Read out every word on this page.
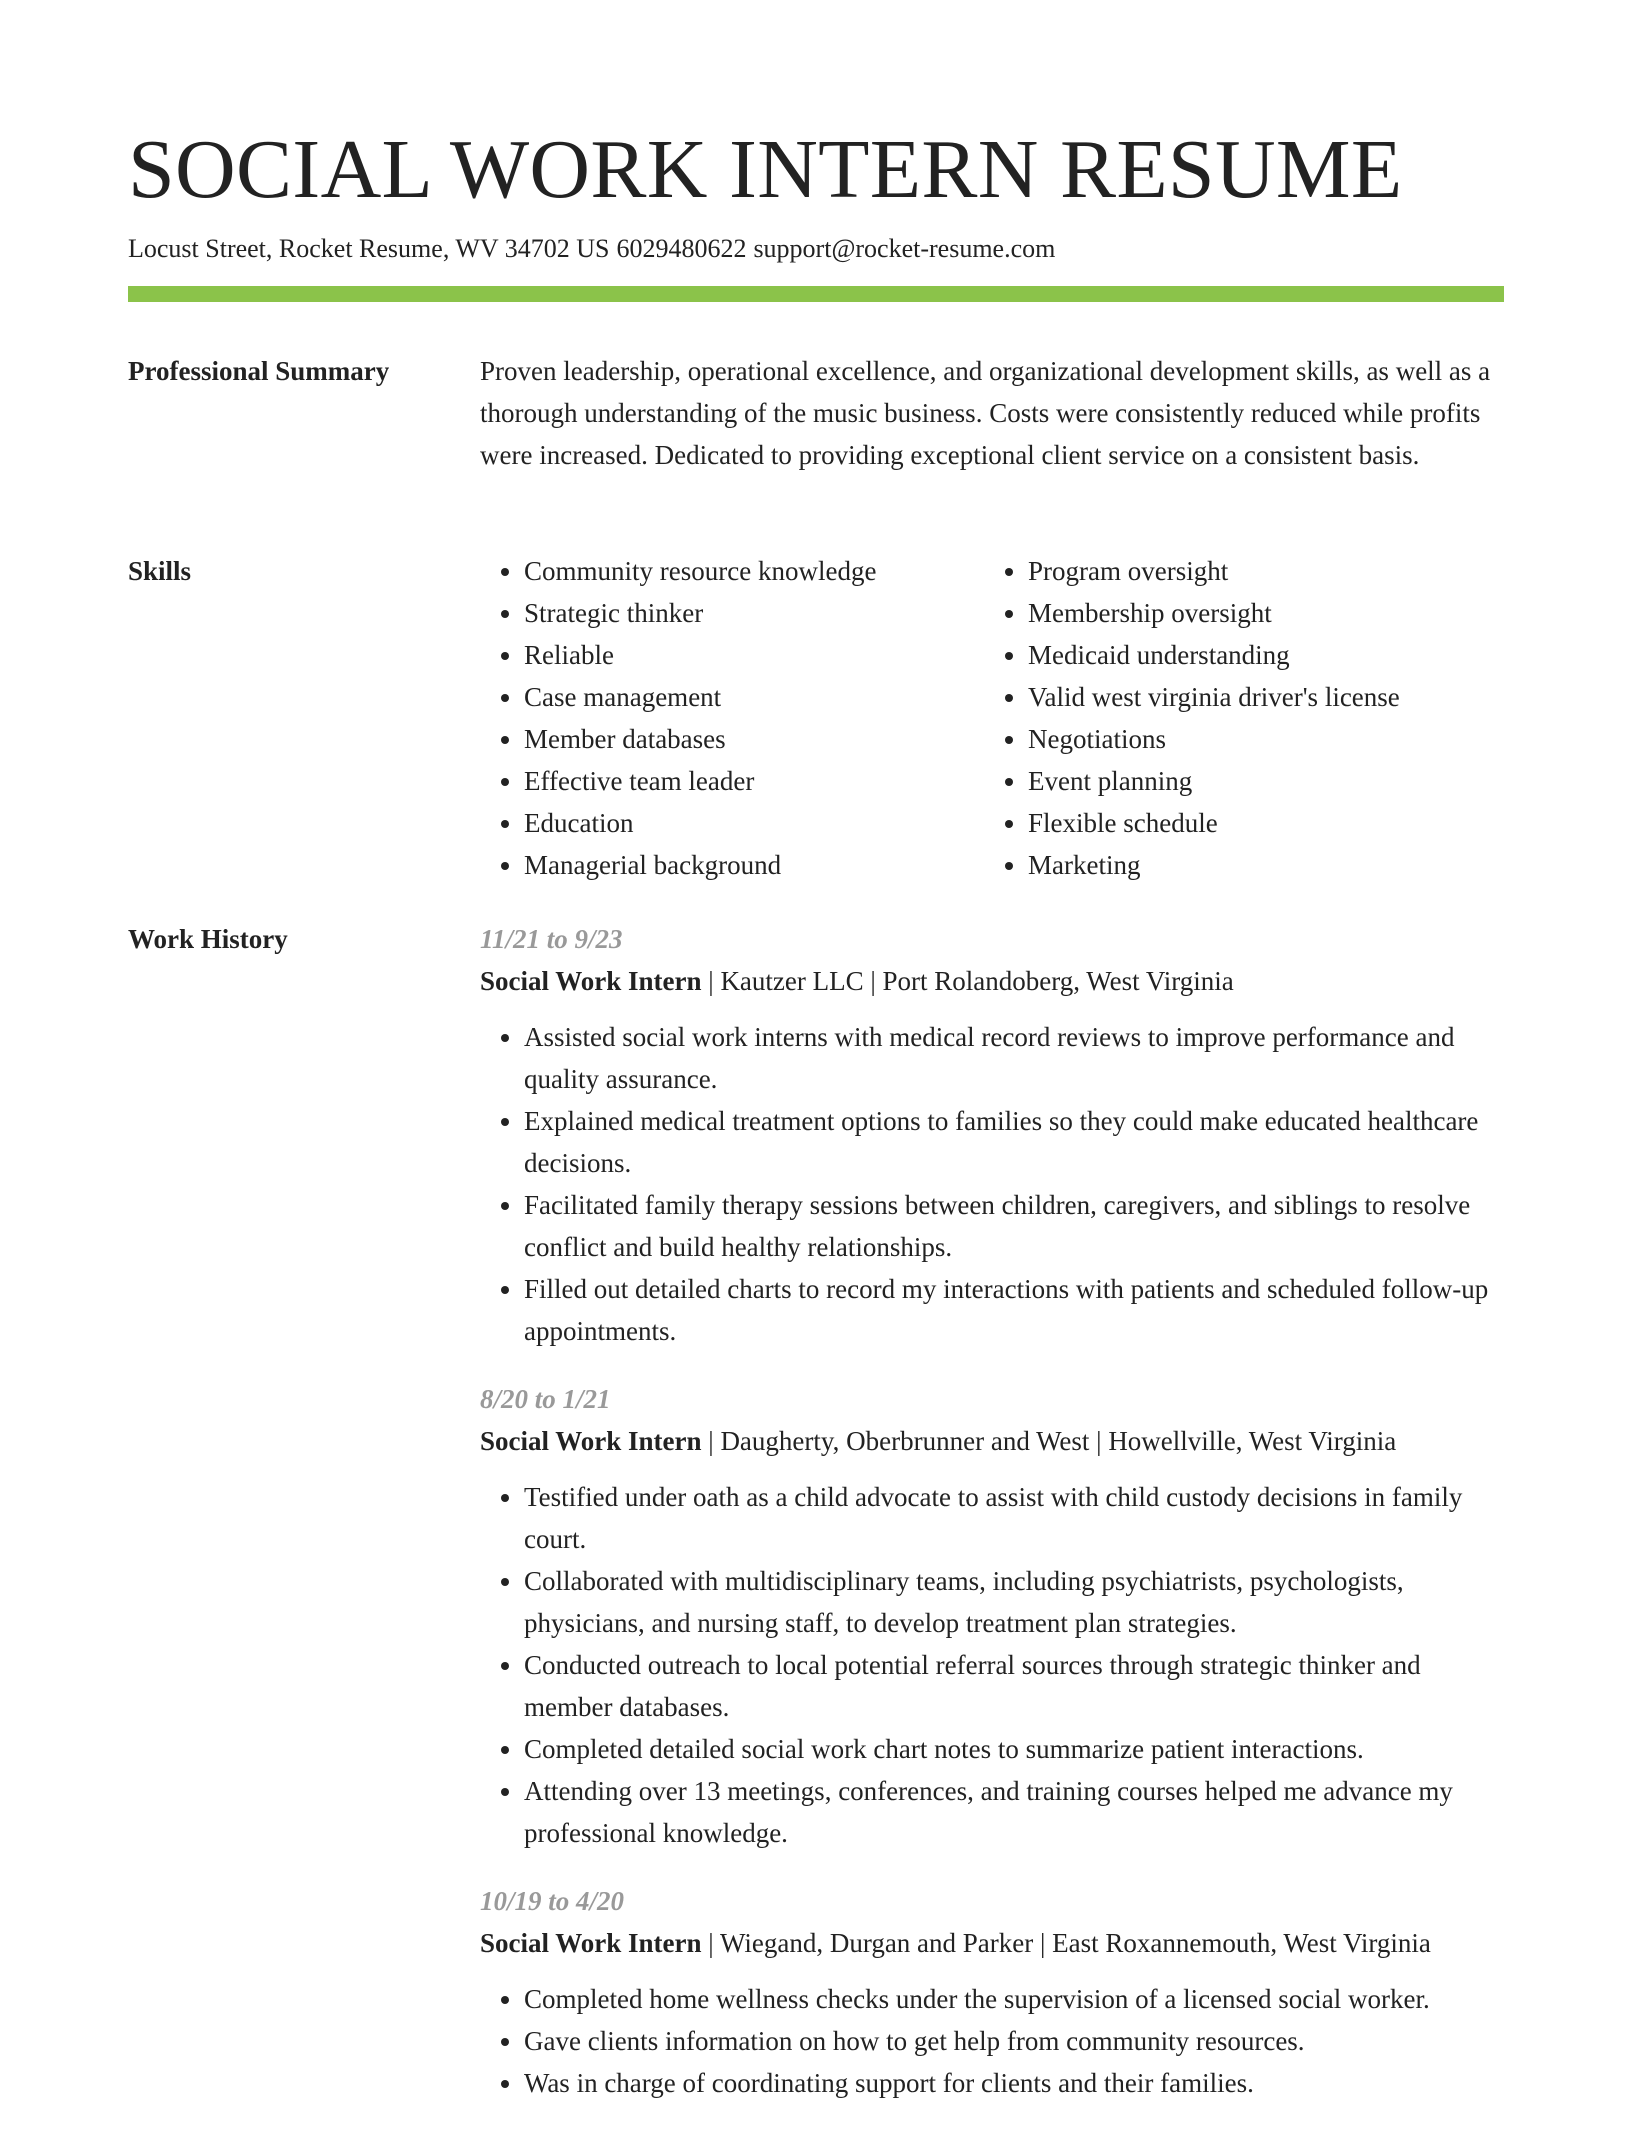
SOCIAL WORK INTERN RESUME
Locust Street, Rocket Resume, WV 34702 US 6029480622 support@rocket-resume.com
Professional Summary	Proven leadership, operational excellence, and organizational development skills, as well as a thorough understanding of the music business. Costs were consistently reduced while profits were increased. Dedicated to providing exceptional client service on a consistent basis.

Skills
•	Community resource knowledge
• Strategic thinker
• Reliable
• Case management
• Member databases
• Effective team leader
• Education
• Managerial background
• Program oversight
• Membership oversight
• Medicaid understanding
• Valid west virginia driver's license
• Negotiations
• Event planning
• Flexible schedule
• Marketing
Work History	11/21 to 9/23
Social Work Intern | Kautzer LLC | Port Rolandoberg, West Virginia
• Assisted social work interns with medical record reviews to improve performance and quality assurance.
• Explained medical treatment options to families so they could make educated healthcare decisions.
• Facilitated family therapy sessions between children, caregivers, and siblings to resolve conflict and build healthy relationships.
• Filled out detailed charts to record my interactions with patients and scheduled follow-up appointments.
8/20 to 1/21
Social Work Intern | Daugherty, Oberbrunner and West | Howellville, West Virginia
• Testified under oath as a child advocate to assist with child custody decisions in family court.
• Collaborated with multidisciplinary teams, including psychiatrists, psychologists, physicians, and nursing staff, to develop treatment plan strategies.
• Conducted outreach to local potential referral sources through strategic thinker and member databases.
• Completed detailed social work chart notes to summarize patient interactions.
• Attending over 13 meetings, conferences, and training courses helped me advance my professional knowledge.
10/19 to 4/20
Social Work Intern | Wiegand, Durgan and Parker | East Roxannemouth, West Virginia
• Completed home wellness checks under the supervision of a licensed social worker.
• Gave clients information on how to get help from community resources.
• Was in charge of coordinating support for clients and their families.
